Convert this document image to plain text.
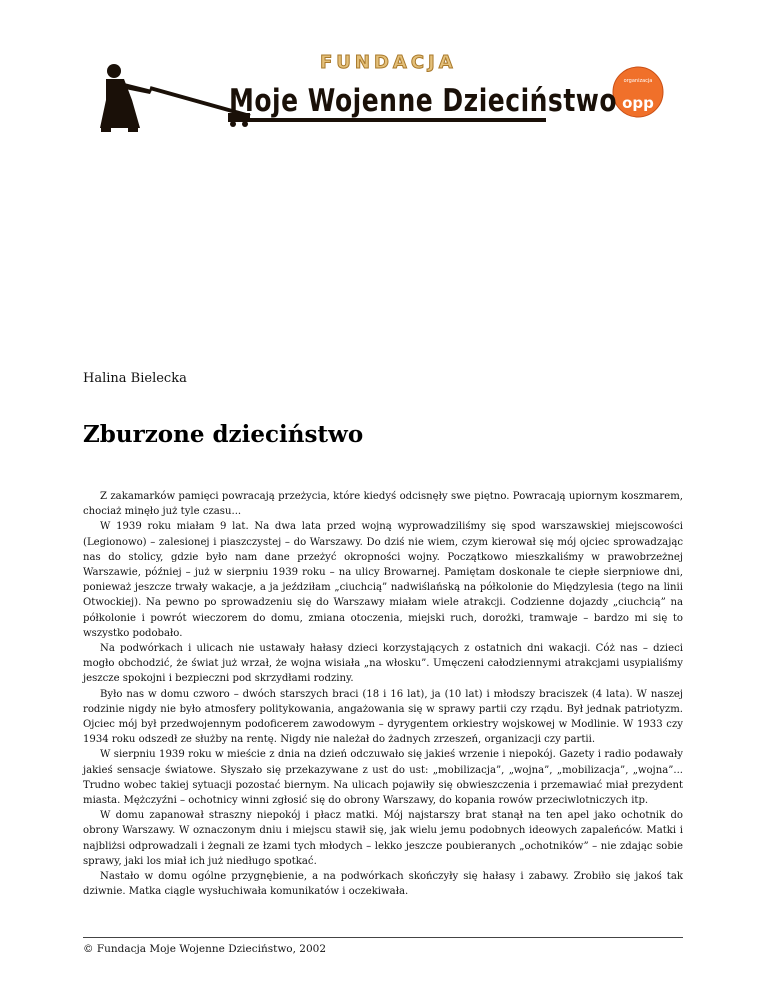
FUNDACJA
Moje Wojenne Dzieciństwo
organizacja
opp
Halina Bielecka
Zburzone dzieciństwo

Z zakamarków pamięci powracają przeżycia, które kiedyś odcisnęły swe piętno. Powracają upiornym koszmarem, chociaż minęło już tyle czasu...

W 1939 roku miałam 9 lat. Na dwa lata przed wojną wyprowadziliśmy się spod warszawskiej miejscowości (Legionowo) – zalesionej i piaszczystej – do Warszawy. Do dziś nie wiem, czym kierował się mój ojciec sprowadzając nas do stolicy, gdzie było nam dane przeżyć okropności wojny. Początkowo mieszkaliśmy w prawobrzeżnej Warszawie, później – już w sierpniu 1939 roku – na ulicy Browarnej. Pamiętam doskonale te ciepłe sierpniowe dni, ponieważ jeszcze trwały wakacje, a ja jeździłam „ciuchcią” nadwiślańską na półkolonie do Międzylesia (tego na linii Otwockiej). Na pewno po sprowadzeniu się do Warszawy miałam wiele atrakcji. Codzienne dojazdy „ciuchcią” na półkolonie i powrót wieczorem do domu, zmiana otoczenia, miejski ruch, dorożki, tramwaje – bardzo mi się to wszystko podobało.

Na podwórkach i ulicach nie ustawały hałasy dzieci korzystających z ostatnich dni wakacji. Cóż nas – dzieci mogło obchodzić, że świat już wrzał, że wojna wisiała „na włosku”. Umęczeni całodziennymi atrakcjami usypialiśmy jeszcze spokojni i bezpieczni pod skrzydłami rodziny.

Było nas w domu czworo – dwóch starszych braci (18 i 16 lat), ja (10 lat) i młodszy braciszek (4 lata). W naszej rodzinie nigdy nie było atmosfery politykowania, angażowania się w sprawy partii czy rządu. Był jednak patriotyzm. Ojciec mój był przedwojennym podoficerem zawodowym – dyrygentem orkiestry wojskowej w Modlinie. W 1933 czy 1934 roku odszedł ze służby na rentę. Nigdy nie należał do żadnych zrzeszeń, organizacji czy partii.

W sierpniu 1939 roku w mieście z dnia na dzień odczuwało się jakieś wrzenie i niepokój. Gazety i radio podawały jakieś sensacje światowe. Słyszało się przekazywane z ust do ust: „mobilizacja”, „wojna”, „mobilizacja”, „wojna”... Trudno wobec takiej sytuacji pozostać biernym. Na ulicach pojawiły się obwieszczenia i przemawiać miał prezydent miasta. Mężczyźni – ochotnicy winni zgłosić się do obrony Warszawy, do kopania rowów przeciwlotniczych itp.

W domu zapanował straszny niepokój i płacz matki. Mój najstarszy brat stanął na ten apel jako ochotnik do obrony Warszawy. W oznaczonym dniu i miejscu stawił się, jak wielu jemu podobnych ideowych zapaleńców. Matki i najbliżsi odprowadzali i żegnali ze łzami tych młodych – lekko jeszcze poubieranych „ochotników” – nie zdając sobie sprawy, jaki los miał ich już niedługo spotkać.

Nastało w domu ogólne przygnębienie, a na podwórkach skończyły się hałasy i zabawy. Zrobiło się jakoś tak dziwnie. Matka ciągle wysłuchiwała komunikatów i oczekiwała.

© Fundacja Moje Wojenne Dzieciństwo, 2002
